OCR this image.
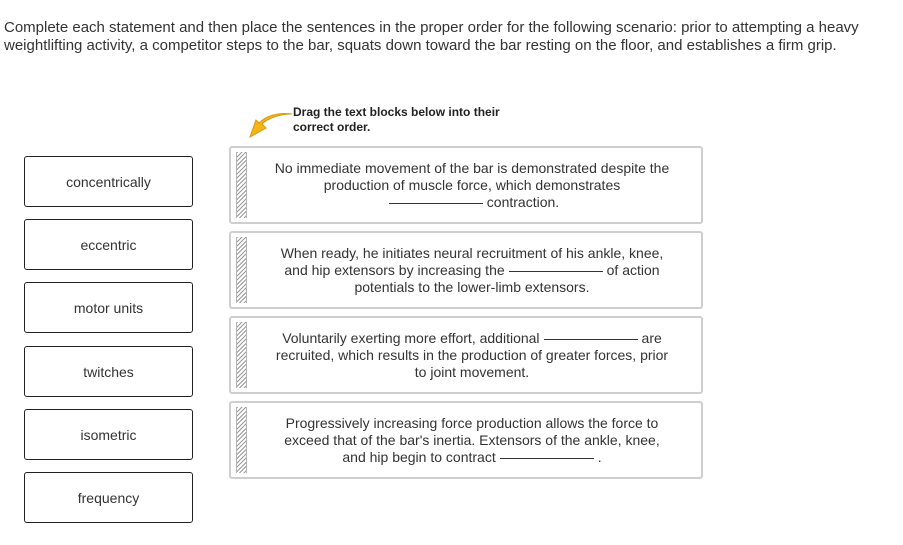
Complete each statement and then place the sentences in the proper order for the following scenario: prior to attempting a heavy weightlifting activity, a competitor steps to the bar, squats down toward the bar resting on the floor, and establishes a firm grip.

Drag the text blocks below into their
correct order.
concentrically
eccentric
motor units
twitches
isometric
frequency

No immediate movement of the bar is demonstrated despite the

production of muscle force, which demonstrates

contraction.

When ready, he initiates neural recruitment of his ankle, knee,

and hip extensors by increasing the	of action

potentials to the lower-limb extensors.

Voluntarily exerting more effort, additional	are

recruited, which results in the production of greater forces, prior

to joint movement.

Progressively increasing force production allows the force to

exceed that of the bar's inertia. Extensors of the ankle, knee,

and hip begin to contract	.
